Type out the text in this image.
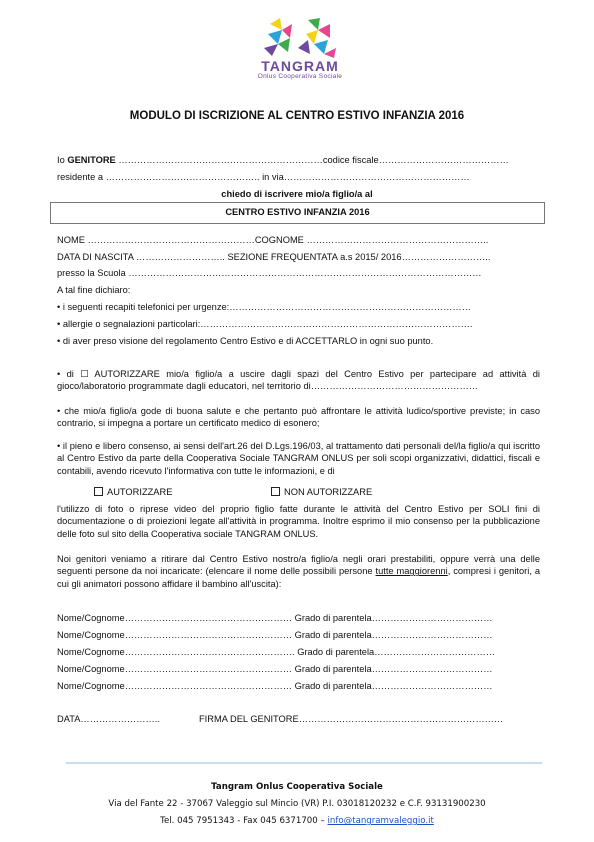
TANGRAM
Onlus Cooperativa Sociale
MODULO DI ISCRIZIONE AL CENTRO ESTIVO INFANZIA 2016
Io GENITORE …………………………………………………………codice fiscale……………………………………
residente a ………………………………………….. in via……………………………………………………
chiedo di iscrivere mio/a figlio/a al
CENTRO ESTIVO INFANZIA 2016
NOME ………………………………………………COGNOME …………………………………………………..
DATA DI NASCITA ……………………….. SEZIONE FREQUENTATA a.s 2015/ 2016………………………..
presso la Scuola ……………………………………………………………………………………………………
A tal fine dichiaro:
• i seguenti recapiti telefonici per urgenze:……………………………………………………………………
• allergie o segnalazioni particolari:…………………………………………………………………………….
• di aver preso visione del regolamento Centro Estivo e di ACCETTARLO in ogni suo punto.
• di ☐ AUTORIZZARE mio/a figlio/a a uscire dagli spazi del Centro Estivo per partecipare ad attività di gioco/laboratorio programmate dagli educatori, nel territorio di………………………………………………
• che mio/a figlio/a gode di buona salute e che pertanto può affrontare le attività ludico/sportive previste; in caso contrario, si impegna a portare un certificato medico di esonero;
• il pieno e libero consenso, ai sensi dell'art.26 del D.Lgs.196/03, al trattamento dati personali del/la figlio/a qui iscritto al Centro Estivo da parte della Cooperativa Sociale TANGRAM ONLUS per soli scopi organizzativi, didattici, fiscali e contabili, avendo ricevuto l'informativa con tutte le informazioni, e di
AUTORIZZARE	NON AUTORIZZARE
l'utilizzo di foto o riprese video del proprio figlio fatte durante le attività del Centro Estivo per SOLI fini di documentazione o di proiezioni legate all'attività in programma. Inoltre esprimo il mio consenso per la pubblicazione delle foto sul sito della Cooperativa sociale TANGRAM ONLUS.
Noi genitori veniamo a ritirare dal Centro Estivo nostro/a figlio/a negli orari prestabiliti, oppure verrà una delle seguenti persone da noi incaricate: (elencare il nome delle possibili persone tutte maggiorenni, compresi i genitori, a cui gli animatori possono affidare il bambino all'uscita):
Nome/Cognome……………………………………………… Grado di parentela…………………………………
Nome/Cognome……………………………………………… Grado di parentela…………………………………
Nome/Cognome………………………………………………. Grado di parentela…………………………………
Nome/Cognome……………………………………………… Grado di parentela…………………………………
Nome/Cognome……………………………………………… Grado di parentela…………………………………
DATA……………………..	FIRMA DEL GENITORE…………………………………………………………
Tangram Onlus Cooperativa Sociale
Via del Fante 22 - 37067 Valeggio sul Mincio (VR) P.I. 03018120232 e C.F. 93131900230
Tel. 045 7951343 - Fax 045 6371700 – info@tangramvaleggio.it
